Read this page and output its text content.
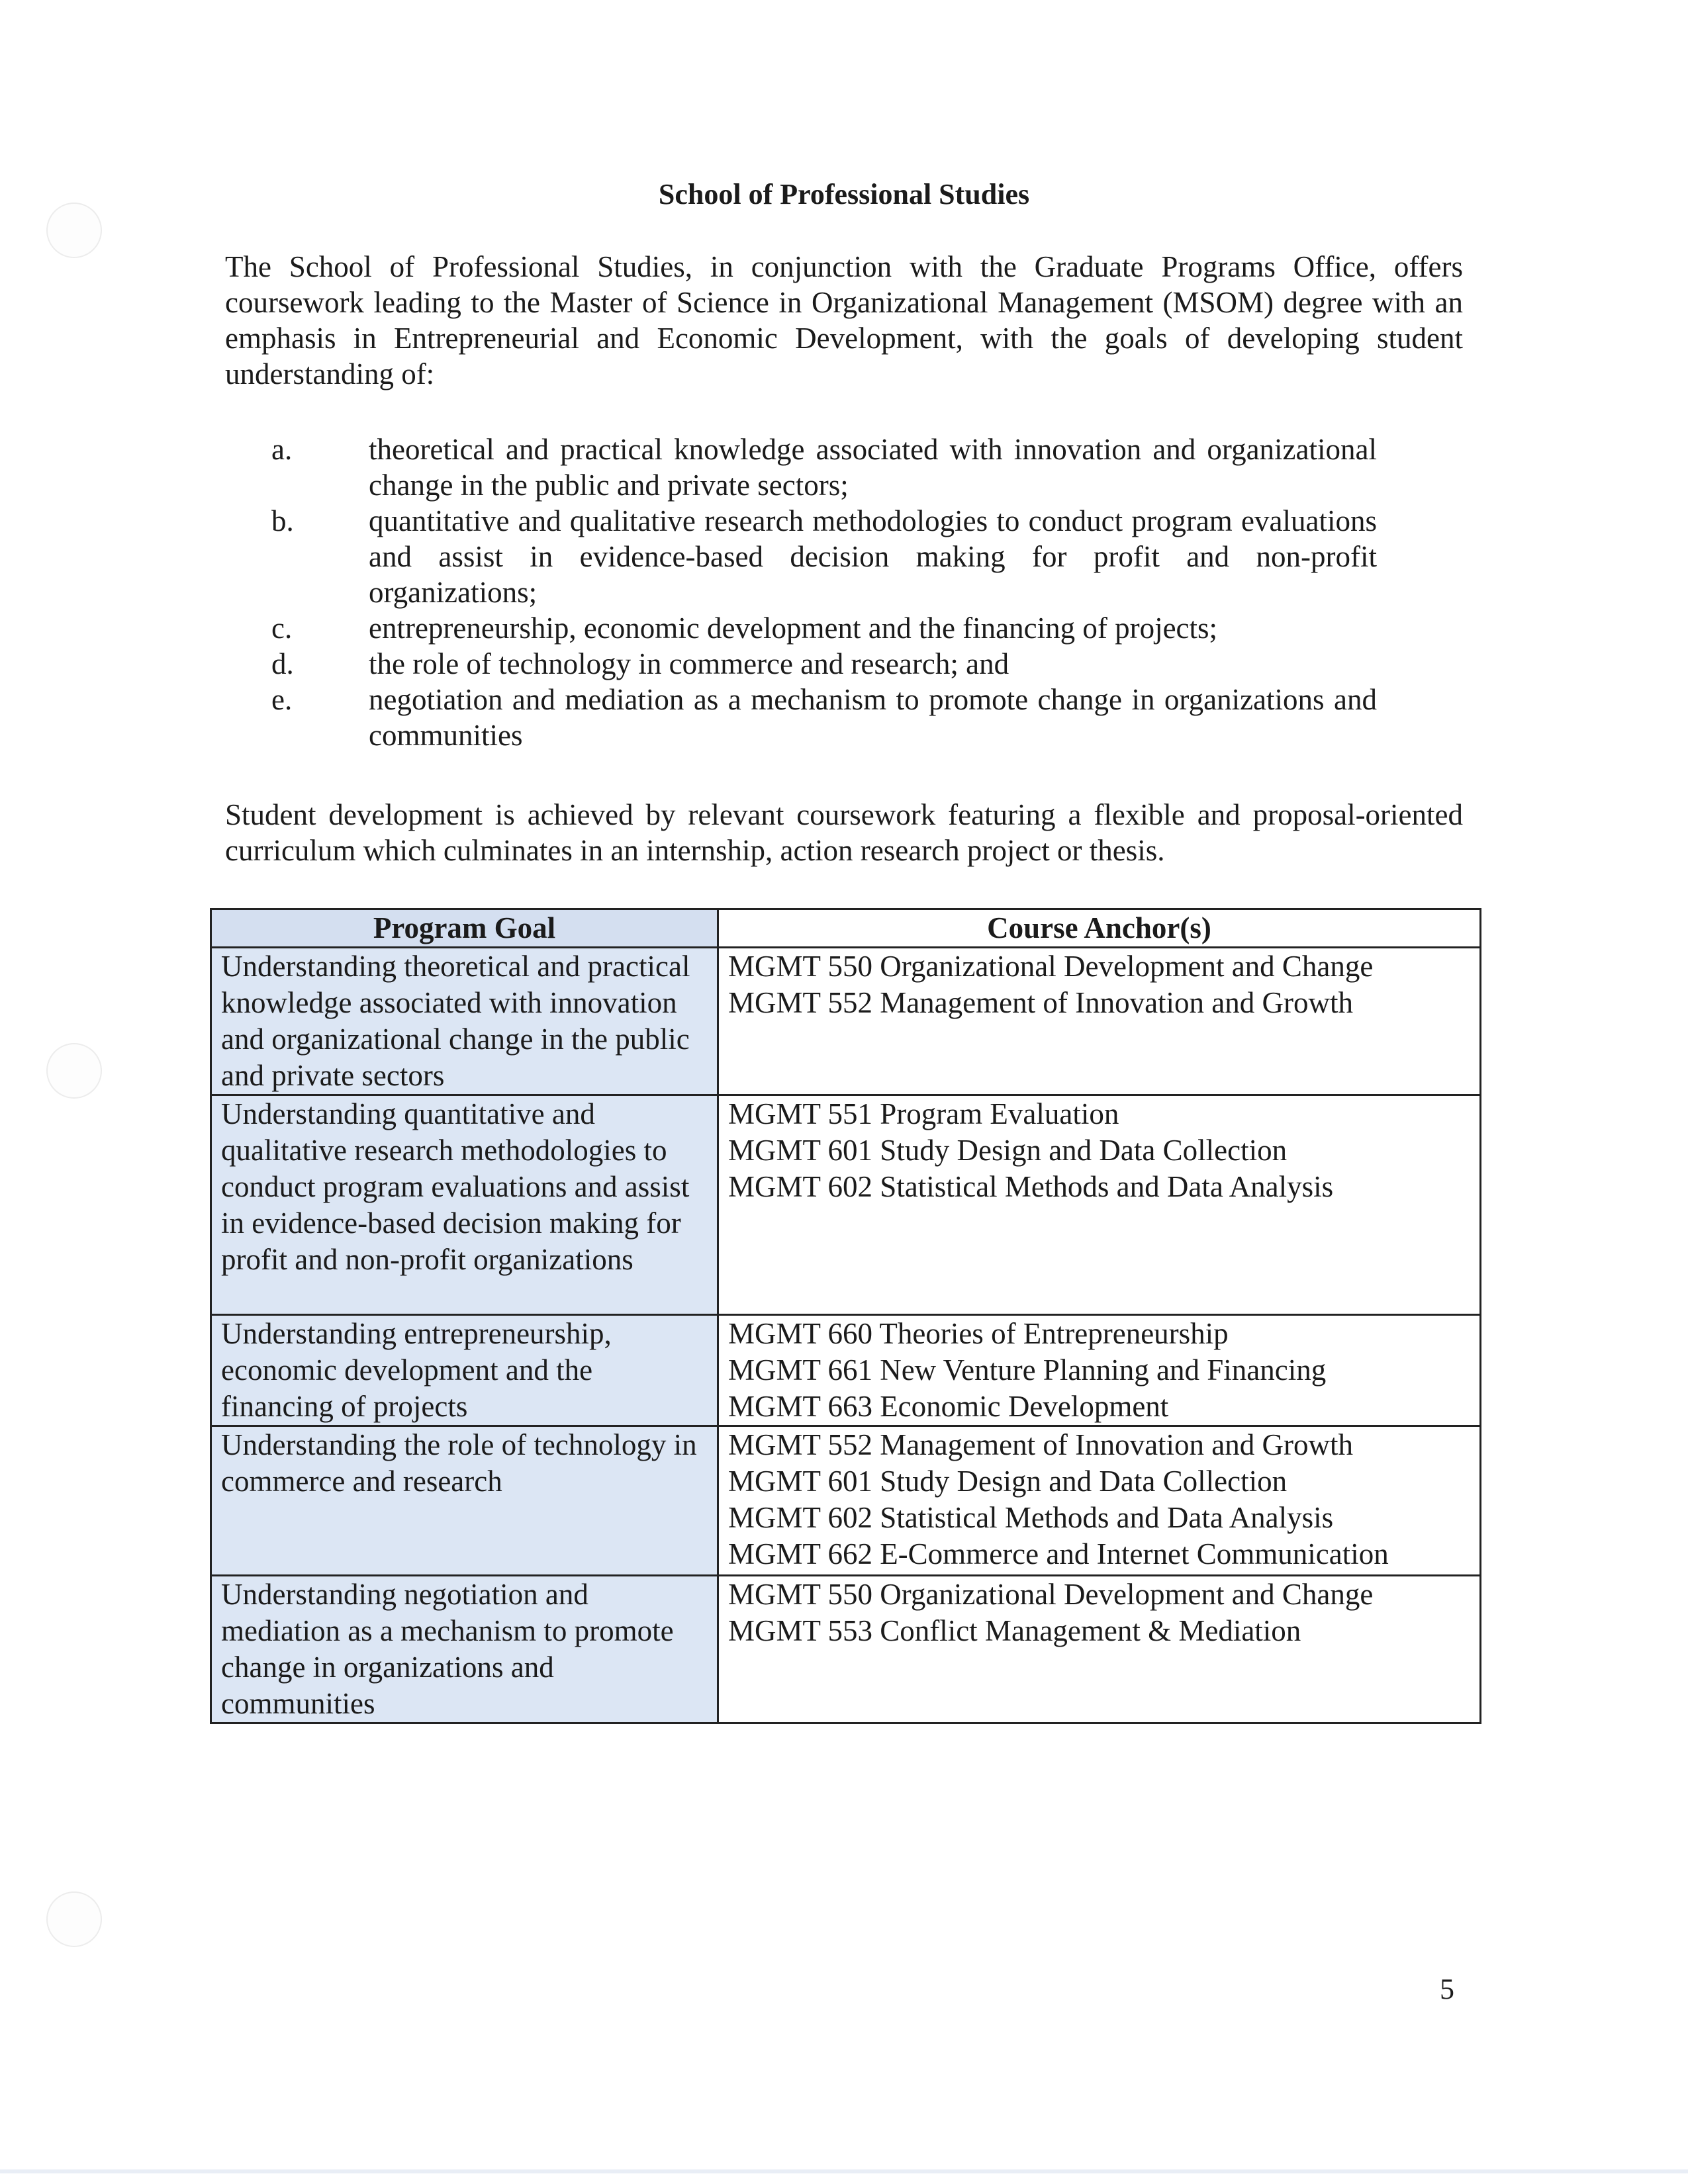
School of Professional Studies

The School of Professional Studies, in conjunction with the Graduate Programs Office, offers coursework leading to the Master of Science in Organizational Management (MSOM) degree with an emphasis in Entrepreneurial and Economic Development, with the goals of developing student understanding of:

a.	theoretical and practical knowledge associated with innovation and organizational change in the public and private sectors;
b.	quantitative and qualitative research methodologies to conduct program evaluations and assist in evidence-based decision making for profit and non-profit organizations;
c.	entrepreneurship, economic development and the financing of projects;
d.	the role of technology in commerce and research; and
e.	negotiation and mediation as a mechanism to promote change in organizations and communities

Student development is achieved by relevant coursework featuring a flexible and proposal-oriented curriculum which culminates in an internship, action research project or thesis.

Program Goal	Course Anchor(s)
Understanding theoretical and practical knowledge associated with innovation and organizational change in the public and private sectors	MGMT 550 Organizational Development and Change
MGMT 552 Management of Innovation and Growth

Understanding quantitative and qualitative research methodologies to conduct program evaluations and assist in evidence-based decision making for profit and non-profit organizations	MGMT 551 Program Evaluation
MGMT 601 Study Design and Data Collection
MGMT 602 Statistical Methods and Data Analysis

Understanding entrepreneurship, economic development and the financing of projects	MGMT 660 Theories of Entrepreneurship
MGMT 661 New Venture Planning and Financing
MGMT 663 Economic Development

Understanding the role of technology in commerce and research	MGMT 552 Management of Innovation and Growth
MGMT 601 Study Design and Data Collection
MGMT 602 Statistical Methods and Data Analysis
MGMT 662 E-Commerce and Internet Communication

Understanding negotiation and mediation as a mechanism to promote change in organizations and communities	MGMT 550 Organizational Development and Change
MGMT 553 Conflict Management & Mediation
5
